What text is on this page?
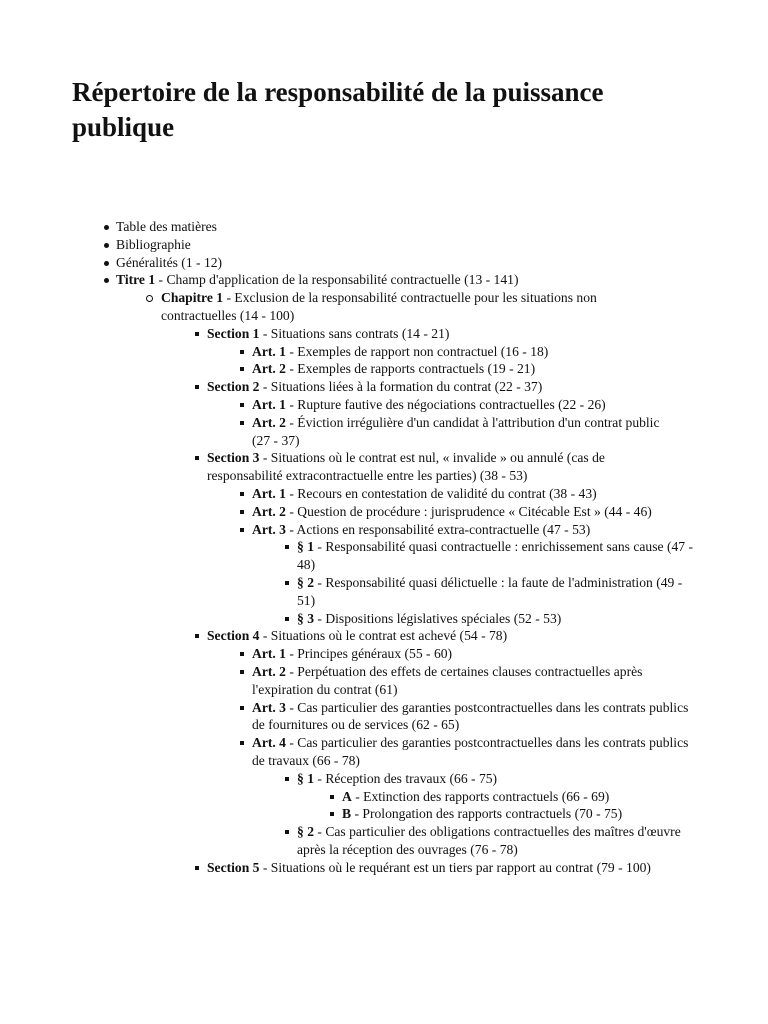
Répertoire de la responsabilité de la puissance publique
Table des matières
Bibliographie
Généralités (1 - 12)
Titre 1 - Champ d'application de la responsabilité contractuelle (13 - 141)
Chapitre 1 - Exclusion de la responsabilité contractuelle pour les situations non contractuelles (14 - 100)
Section 1 - Situations sans contrats (14 - 21)
Art. 1 - Exemples de rapport non contractuel (16 - 18)
Art. 2 - Exemples de rapports contractuels (19 - 21)
Section 2 - Situations liées à la formation du contrat (22 - 37)
Art. 1 - Rupture fautive des négociations contractuelles (22 - 26)
Art. 2 - Éviction irrégulière d'un candidat à l'attribution d'un contrat public (27 - 37)
Section 3 - Situations où le contrat est nul, « invalide » ou annulé (cas de responsabilité extracontractuelle entre les parties) (38 - 53)
Art. 1 - Recours en contestation de validité du contrat (38 - 43)
Art. 2 - Question de procédure : jurisprudence « Citécable Est » (44 - 46)
Art. 3 - Actions en responsabilité extra-contractuelle (47 - 53)
§ 1 - Responsabilité quasi contractuelle : enrichissement sans cause (47 - 48)
§ 2 - Responsabilité quasi délictuelle : la faute de l'administration (49 - 51)
§ 3 - Dispositions législatives spéciales (52 - 53)
Section 4 - Situations où le contrat est achevé (54 - 78)
Art. 1 - Principes généraux (55 - 60)
Art. 2 - Perpétuation des effets de certaines clauses contractuelles après l'expiration du contrat (61)
Art. 3 - Cas particulier des garanties postcontractuelles dans les contrats publics de fournitures ou de services (62 - 65)
Art. 4 - Cas particulier des garanties postcontractuelles dans les contrats publics de travaux (66 - 78)
§ 1 - Réception des travaux (66 - 75)
A - Extinction des rapports contractuels (66 - 69)
B - Prolongation des rapports contractuels (70 - 75)
§ 2 - Cas particulier des obligations contractuelles des maîtres d'œuvre après la réception des ouvrages (76 - 78)
Section 5 - Situations où le requérant est un tiers par rapport au contrat (79 - 100)
